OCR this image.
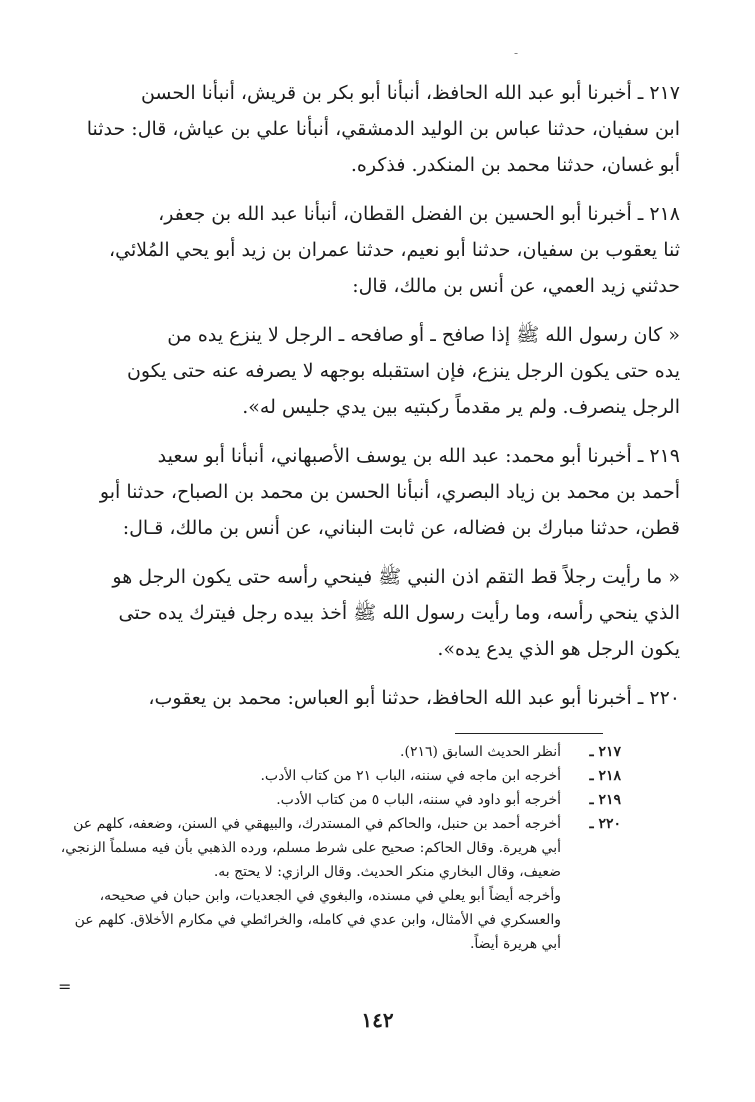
-

٢١٧ ـ أخبرنا أبو عبد الله الحافظ، أنبأنا أبو بكر بن قريش، أنبأنا الحسن
ابن سفيان، حدثنا عباس بن الوليد الدمشقي، أنبأنا علي بن عياش، قال: حدثنا
أبو غسان، حدثنا محمد بن المنكدر. فذكره.

٢١٨ ـ أخبرنا أبو الحسين بن الفضل القطان، أنبأنا عبد الله بن جعفر،
ثنا يعقوب بن سفيان، حدثنا أبو نعيم، حدثنا عمران بن زيد أبو يحي المُلائي،
حدثني زيد العمي، عن أنس بن مالك، قال:

« كان رسول الله ﷺ إذا صافح ـ أو صافحه ـ الرجل لا ينزع يده من
يده حتى يكون الرجل ينزع، فإن استقبله بوجهه لا يصرفه عنه حتى يكون
الرجل ينصرف. ولم ير مقدماً ركبتيه بين يدي جليس له».

٢١٩ ـ أخبرنا أبو محمد: عبد الله بن يوسف الأصبهاني، أنبأنا أبو سعيد
أحمد بن محمد بن زياد البصري، أنبأنا الحسن بن محمد بن الصباح، حدثنا أبو
قطن، حدثنا مبارك بن فضاله، عن ثابت البناني، عن أنس بن مالك، قـال:

« ما رأيت رجلاً قط التقم اذن النبي ﷺ فينحي رأسه حتى يكون الرجل هو
الذي ينحي رأسه، وما رأيت رسول الله ﷺ أخذ بيده رجل فيترك يده حتى
يكون الرجل هو الذي يدع يده».

٢٢٠ ـ أخبرنا أبو عبد الله الحافظ، حدثنا أبو العباس: محمد بن يعقوب،

٢١٧ ـ
أنظر الحديث السابق (٢١٦).
٢١٨ ـ
أخرجه ابن ماجه في سننه، الباب ٢١ من كتاب الأدب.
٢١٩ ـ
أخرجه أبو داود في سننه، الباب ٥ من كتاب الأدب.
٢٢٠ ـ
أخرجه أحمد بن حنبل، والحاكم في المستدرك، والبيهقي في السنن، وضعفه، كلهم عن
أبي هريرة. وقال الحاكم: صحيح على شرط مسلم، ورده الذهبي بأن فيه مسلماً الزنجي،
ضعيف، وقال البخاري منكر الحديث. وقال الرازي: لا يحتج به.
وأخرجه أيضاً أبو يعلي في مسنده، والبغوي في الجعديات، وابن حبان في صحيحه،
والعسكري في الأمثال، وابن عدي في كامله، والخرائطي في مكارم الأخلاق. كلهم عن
أبي هريرة أيضاً.
=
١٤٢
